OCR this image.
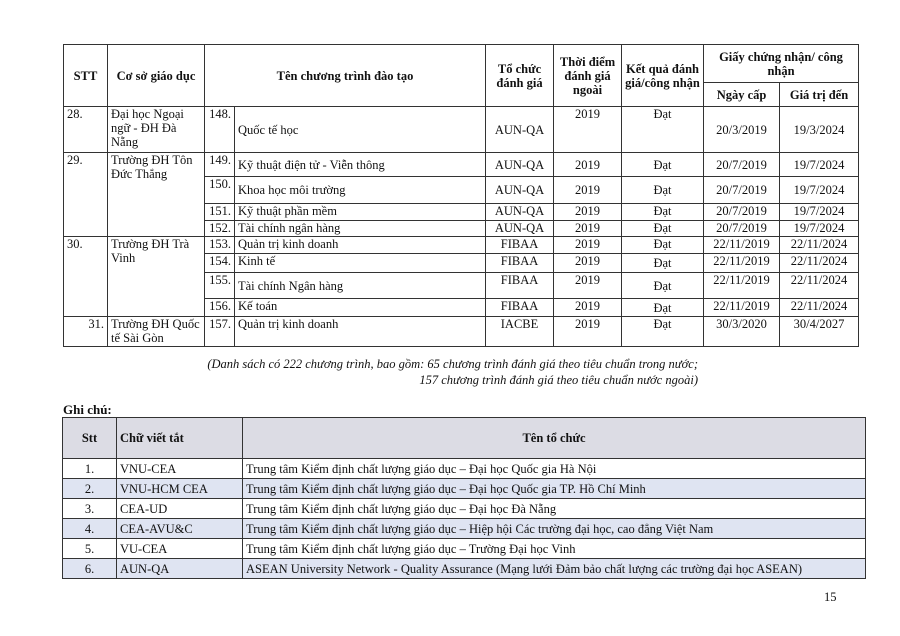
STT	Cơ sở giáo dục	Tên chương trình đào tạo		Tổ chức đánh giá	Thời điểm đánh giá ngoài	Kết quả đánh giá/công nhận	Giấy chứng nhận/ công nhận	
							Ngày cấp	Giá trị đến
28.	Đại học Ngoại ngữ - ĐH Đà Nẵng	148.	Quốc tế học	AUN-QA	2019	Đạt	20/3/2019	19/3/2024
29.	Trường ĐH Tôn Đức Thắng	149.	Kỹ thuật điện tử - Viễn thông	AUN-QA	2019	Đạt	20/7/2019	19/7/2024
		150.	Khoa học môi trường	AUN-QA	2019	Đạt	20/7/2019	19/7/2024
		151.	Kỹ thuật phần mềm	AUN-QA	2019	Đạt	20/7/2019	19/7/2024
		152.	Tài chính ngân hàng	AUN-QA	2019	Đạt	20/7/2019	19/7/2024
30.	Trường ĐH Trà Vinh	153.	Quản trị kinh doanh	FIBAA	2019	Đạt	22/11/2019	22/11/2024
		154.	Kinh tế	FIBAA	2019	Đạt	22/11/2019	22/11/2024
		155.	Tài chính Ngân hàng	FIBAA	2019	Đạt	22/11/2019	22/11/2024
		156.	Kế toán	FIBAA	2019	Đạt	22/11/2019	22/11/2024
31.	Trường ĐH Quốc tế Sài Gòn	157.	Quản trị kinh doanh	IACBE	2019	Đạt	30/3/2020	30/4/2027
(Danh sách có 222 chương trình, bao gồm: 65 chương trình đánh giá theo tiêu chuẩn trong nước;
157 chương trình đánh giá theo tiêu chuẩn nước ngoài)
Ghi chú:
Stt	Chữ viết tắt	Tên tổ chức
1.	VNU-CEA	Trung tâm Kiểm định chất lượng giáo dục – Đại học Quốc gia Hà Nội
2.	VNU-HCM CEA	Trung tâm Kiểm định chất lượng giáo dục – Đại học Quốc gia TP. Hồ Chí Minh
3.	CEA-UD	Trung tâm Kiểm định chất lượng giáo dục – Đại học Đà Nẵng
4.	CEA-AVU&C	Trung tâm Kiểm định chất lượng giáo dục – Hiệp hội Các trường đại học, cao đẳng Việt Nam
5.	VU-CEA	Trung tâm Kiểm định chất lượng giáo dục – Trường Đại học Vinh
6.	AUN-QA	ASEAN University Network - Quality Assurance (Mạng lưới Đảm bảo chất lượng các trường đại học ASEAN)
15
